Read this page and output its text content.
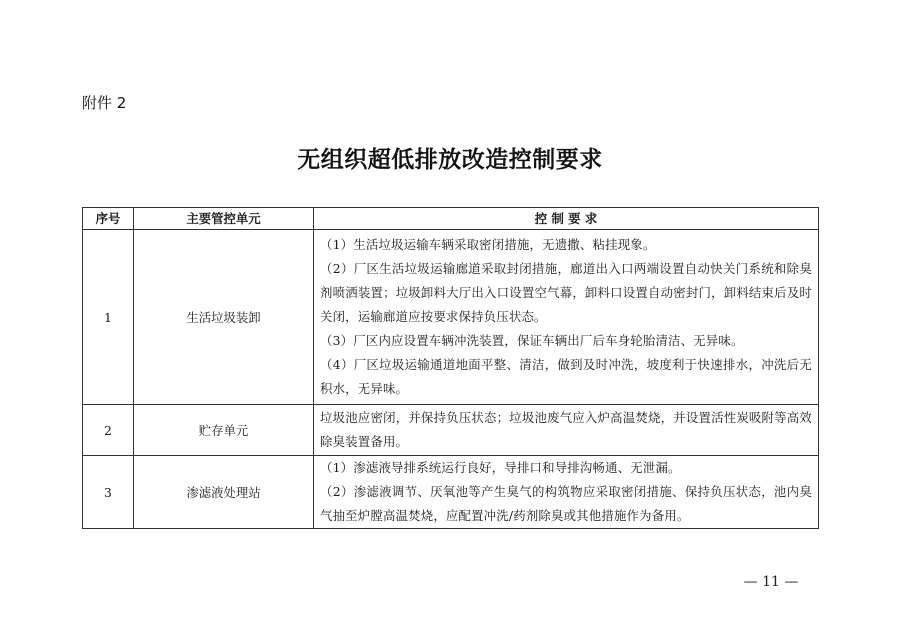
附件 2
无组织超低排放改造控制要求
序号	主要管控单元	控 制 要 求
1	生活垃圾装卸	（1）生活垃圾运输车辆采取密闭措施，无遗撒、粘挂现象。

（2）厂区生活垃圾运输廊道采取封闭措施，廊道出入口两端设置自动快关门系统和除臭剂喷洒装置；垃圾卸料大厅出入口设置空气幕，卸料口设置自动密封门，卸料结束后及时关闭，运输廊道应按要求保持负压状态。

（3）厂区内应设置车辆冲洗装置，保证车辆出厂后车身轮胎清洁、无异味。

（4）厂区垃圾运输通道地面平整、清洁，做到及时冲洗，坡度利于快速排水，冲洗后无积水，无异味。

2	贮存单元	垃圾池应密闭，并保持负压状态；垃圾池废气应入炉高温焚烧，并设置活性炭吸附等高效除臭装置备用。

3	渗滤液处理站	（1）渗滤液导排系统运行良好，导排口和导排沟畅通、无泄漏。

（2）渗滤液调节、厌氧池等产生臭气的构筑物应采取密闭措施、保持负压状态，池内臭气抽至炉膛高温焚烧，应配置冲洗/药剂除臭或其他措施作为备用。

— 11 —
